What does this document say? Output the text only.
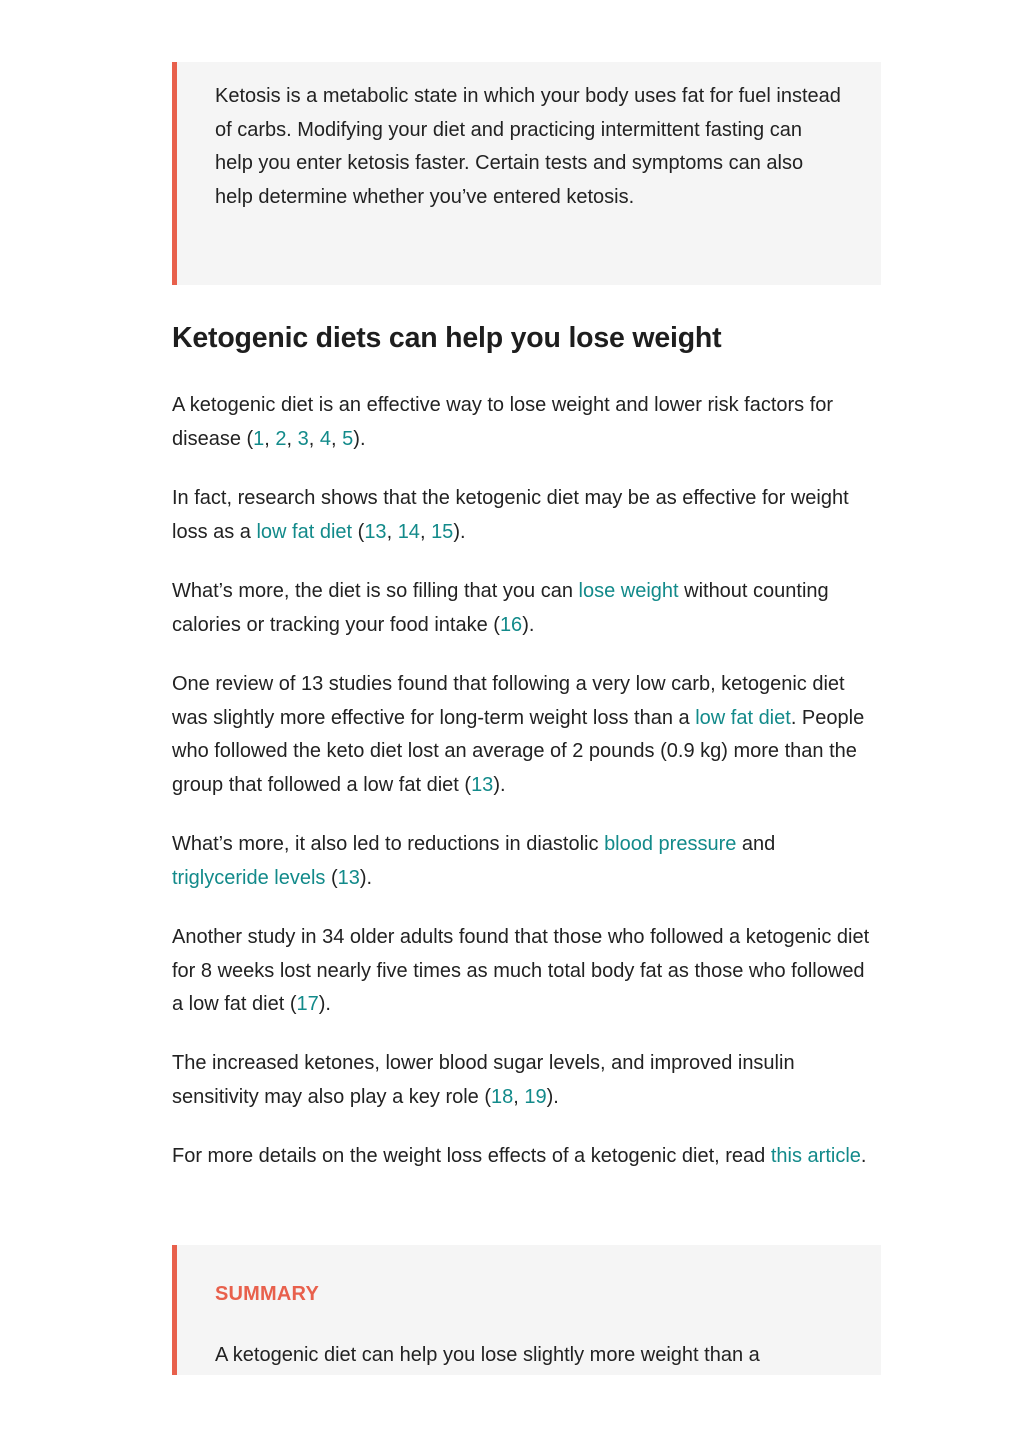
Ketosis is a metabolic state in which your body uses fat for fuel instead of carbs. Modifying your diet and practicing intermittent fasting can help you enter ketosis faster. Certain tests and symptoms can also help determine whether you’ve entered ketosis.

Ketogenic diets can help you lose weight

A ketogenic diet is an effective way to lose weight and lower risk factors for disease (1, 2, 3, 4, 5).

In fact, research shows that the ketogenic diet may be as effective for weight loss as a low fat diet (13, 14, 15).

What’s more, the diet is so filling that you can lose weight without counting calories or tracking your food intake (16).

One review of 13 studies found that following a very low carb, ketogenic diet was slightly more effective for long-term weight loss than a low fat diet. People who followed the keto diet lost an average of 2 pounds (0.9 kg) more than the group that followed a low fat diet (13).

What’s more, it also led to reductions in diastolic blood pressure and triglyceride levels (13).

Another study in 34 older adults found that those who followed a ketogenic diet for 8 weeks lost nearly five times as much total body fat as those who followed a low fat diet (17).

The increased ketones, lower blood sugar levels, and improved insulin sensitivity may also play a key role (18, 19).

For more details on the weight loss effects of a ketogenic diet, read this article.

SUMMARY

A ketogenic diet can help you lose slightly more weight than a
